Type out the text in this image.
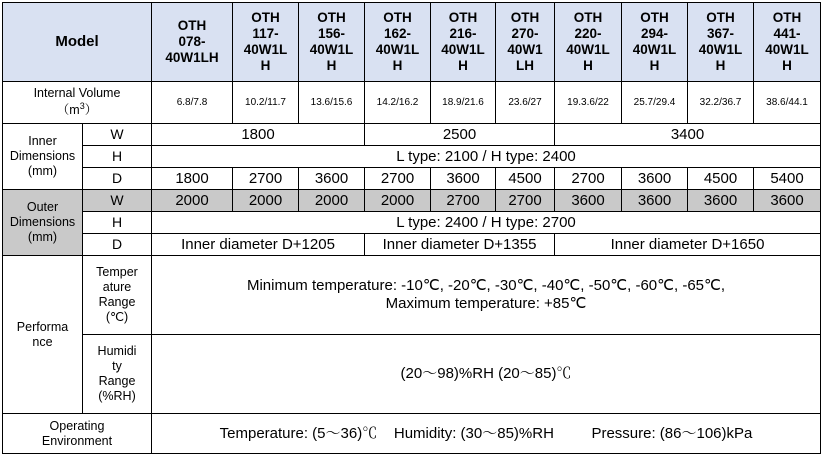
Model		OTH
078-
40W1LH	OTH
117-
40W1L
H	OTH
156-
40W1L
H	OTH
162-
40W1L
H	OTH
216-
40W1L
H	OTH
270-
40W1
LH	OTH
220-
40W1L
H	OTH
294-
40W1L
H	OTH
367-
40W1L
H	OTH
441-
40W1L
H
Internal Volume
$(m^3)$		6.8/7.8	10.2/11.7	13.6/15.6	14.2/16.2	18.9/21.6	23.6/27	19.3.6/22	25.7/29.4	32.2/36.7	38.6/44.1
Inner
Dimensions
(mm)	W	1800			2500			3400			
	H	L type: 2100 / H type: 2400									
	D	1800	2700	3600	2700	3600	4500	2700	3600	4500	5400
Outer
Dimensions
(mm)	W	2000	2000	2000	2000	2700	2700	3600	3600	3600	3600
	H	L type: 2400 / H type: 2700									
	D	Inner diameter D+1205			Inner diameter D+1355			Inner diameter D+1650			
Performa
nce	Temper
ature
Range
(℃)	Minimum temperature: -10℃, -20℃, -30℃, -40℃, -50℃, -60℃, -65℃,
Maximum temperature: +85℃									
	Humidi
ty
Range
(%RH)	(20～98)%RH (20～85)℃									
Operating
Environment		Temperature: (5～36)℃ Humidity: (30～85)%RH Pressure: (86～106)kPa									
